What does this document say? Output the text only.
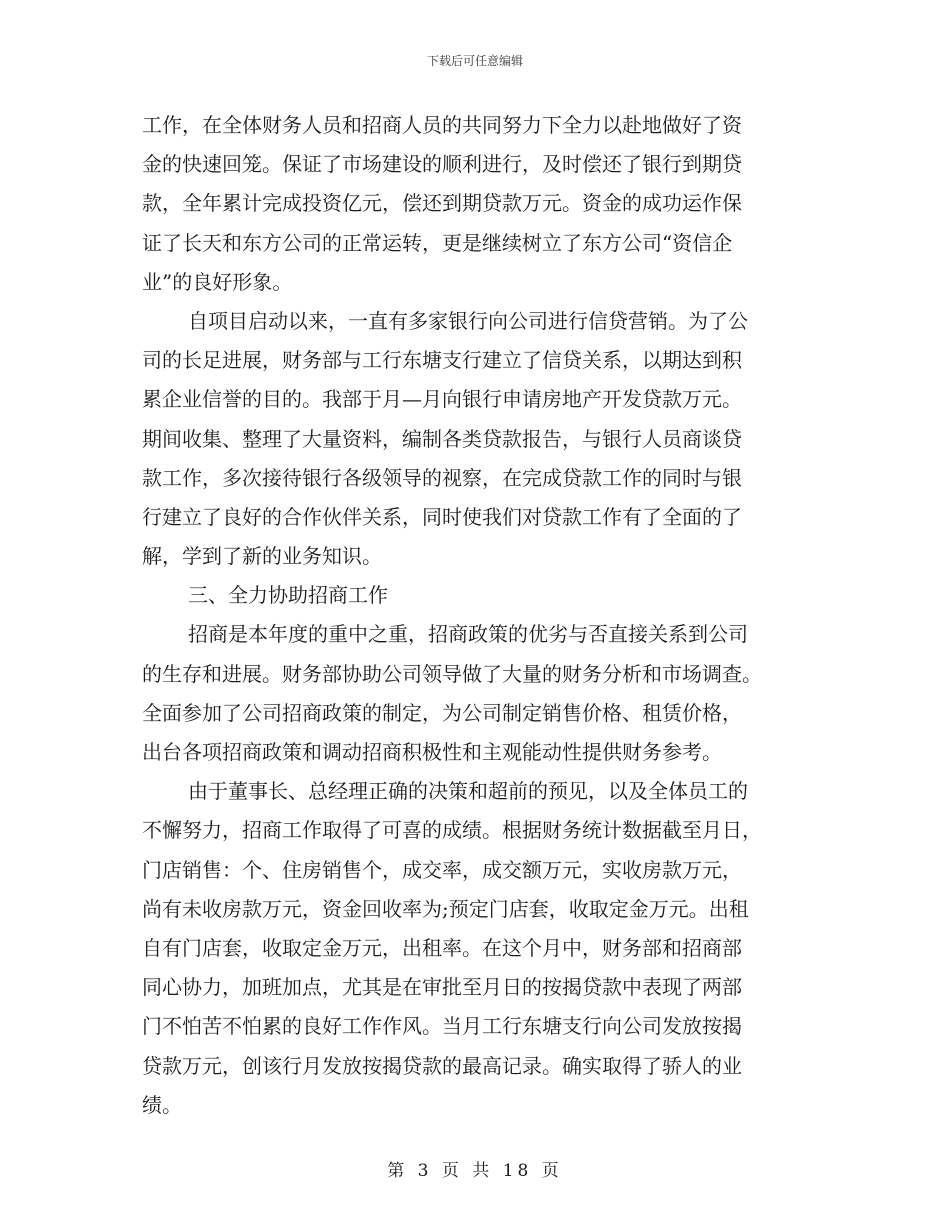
下载后可任意编辑
工作，在全体财务人员和招商人员的共同努力下全力以赴地做好了资
金的快速回笼。保证了市场建设的顺利进行，及时偿还了银行到期贷
款，全年累计完成投资亿元，偿还到期贷款万元。资金的成功运作保
证了长天和东方公司的正常运转，更是继续树立了东方公司“资信企
业”的良好形象。
自项目启动以来，一直有多家银行向公司进行信贷营销。为了公
司的长足进展，财务部与工行东塘支行建立了信贷关系，以期达到积
累企业信誉的目的。我部于月—月向银行申请房地产开发贷款万元。
期间收集、整理了大量资料，编制各类贷款报告，与银行人员商谈贷
款工作，多次接待银行各级领导的视察，在完成贷款工作的同时与银
行建立了良好的合作伙伴关系，同时使我们对贷款工作有了全面的了
解，学到了新的业务知识。
三、全力协助招商工作
招商是本年度的重中之重，招商政策的优劣与否直接关系到公司
的生存和进展。财务部协助公司领导做了大量的财务分析和市场调查。
全面参加了公司招商政策的制定，为公司制定销售价格、租赁价格，
出台各项招商政策和调动招商积极性和主观能动性提供财务参考。
由于董事长、总经理正确的决策和超前的预见，以及全体员工的
不懈努力，招商工作取得了可喜的成绩。根据财务统计数据截至月日，
门店销售：个、住房销售个，成交率，成交额万元，实收房款万元，
尚有未收房款万元，资金回收率为;预定门店套，收取定金万元。出租
自有门店套，收取定金万元，出租率。在这个月中，财务部和招商部
同心协力，加班加点，尤其是在审批至月日的按揭贷款中表现了两部
门不怕苦不怕累的良好工作作风。当月工行东塘支行向公司发放按揭
贷款万元，创该行月发放按揭贷款的最高记录。确实取得了骄人的业
绩。
第 3 页 共 18 页
